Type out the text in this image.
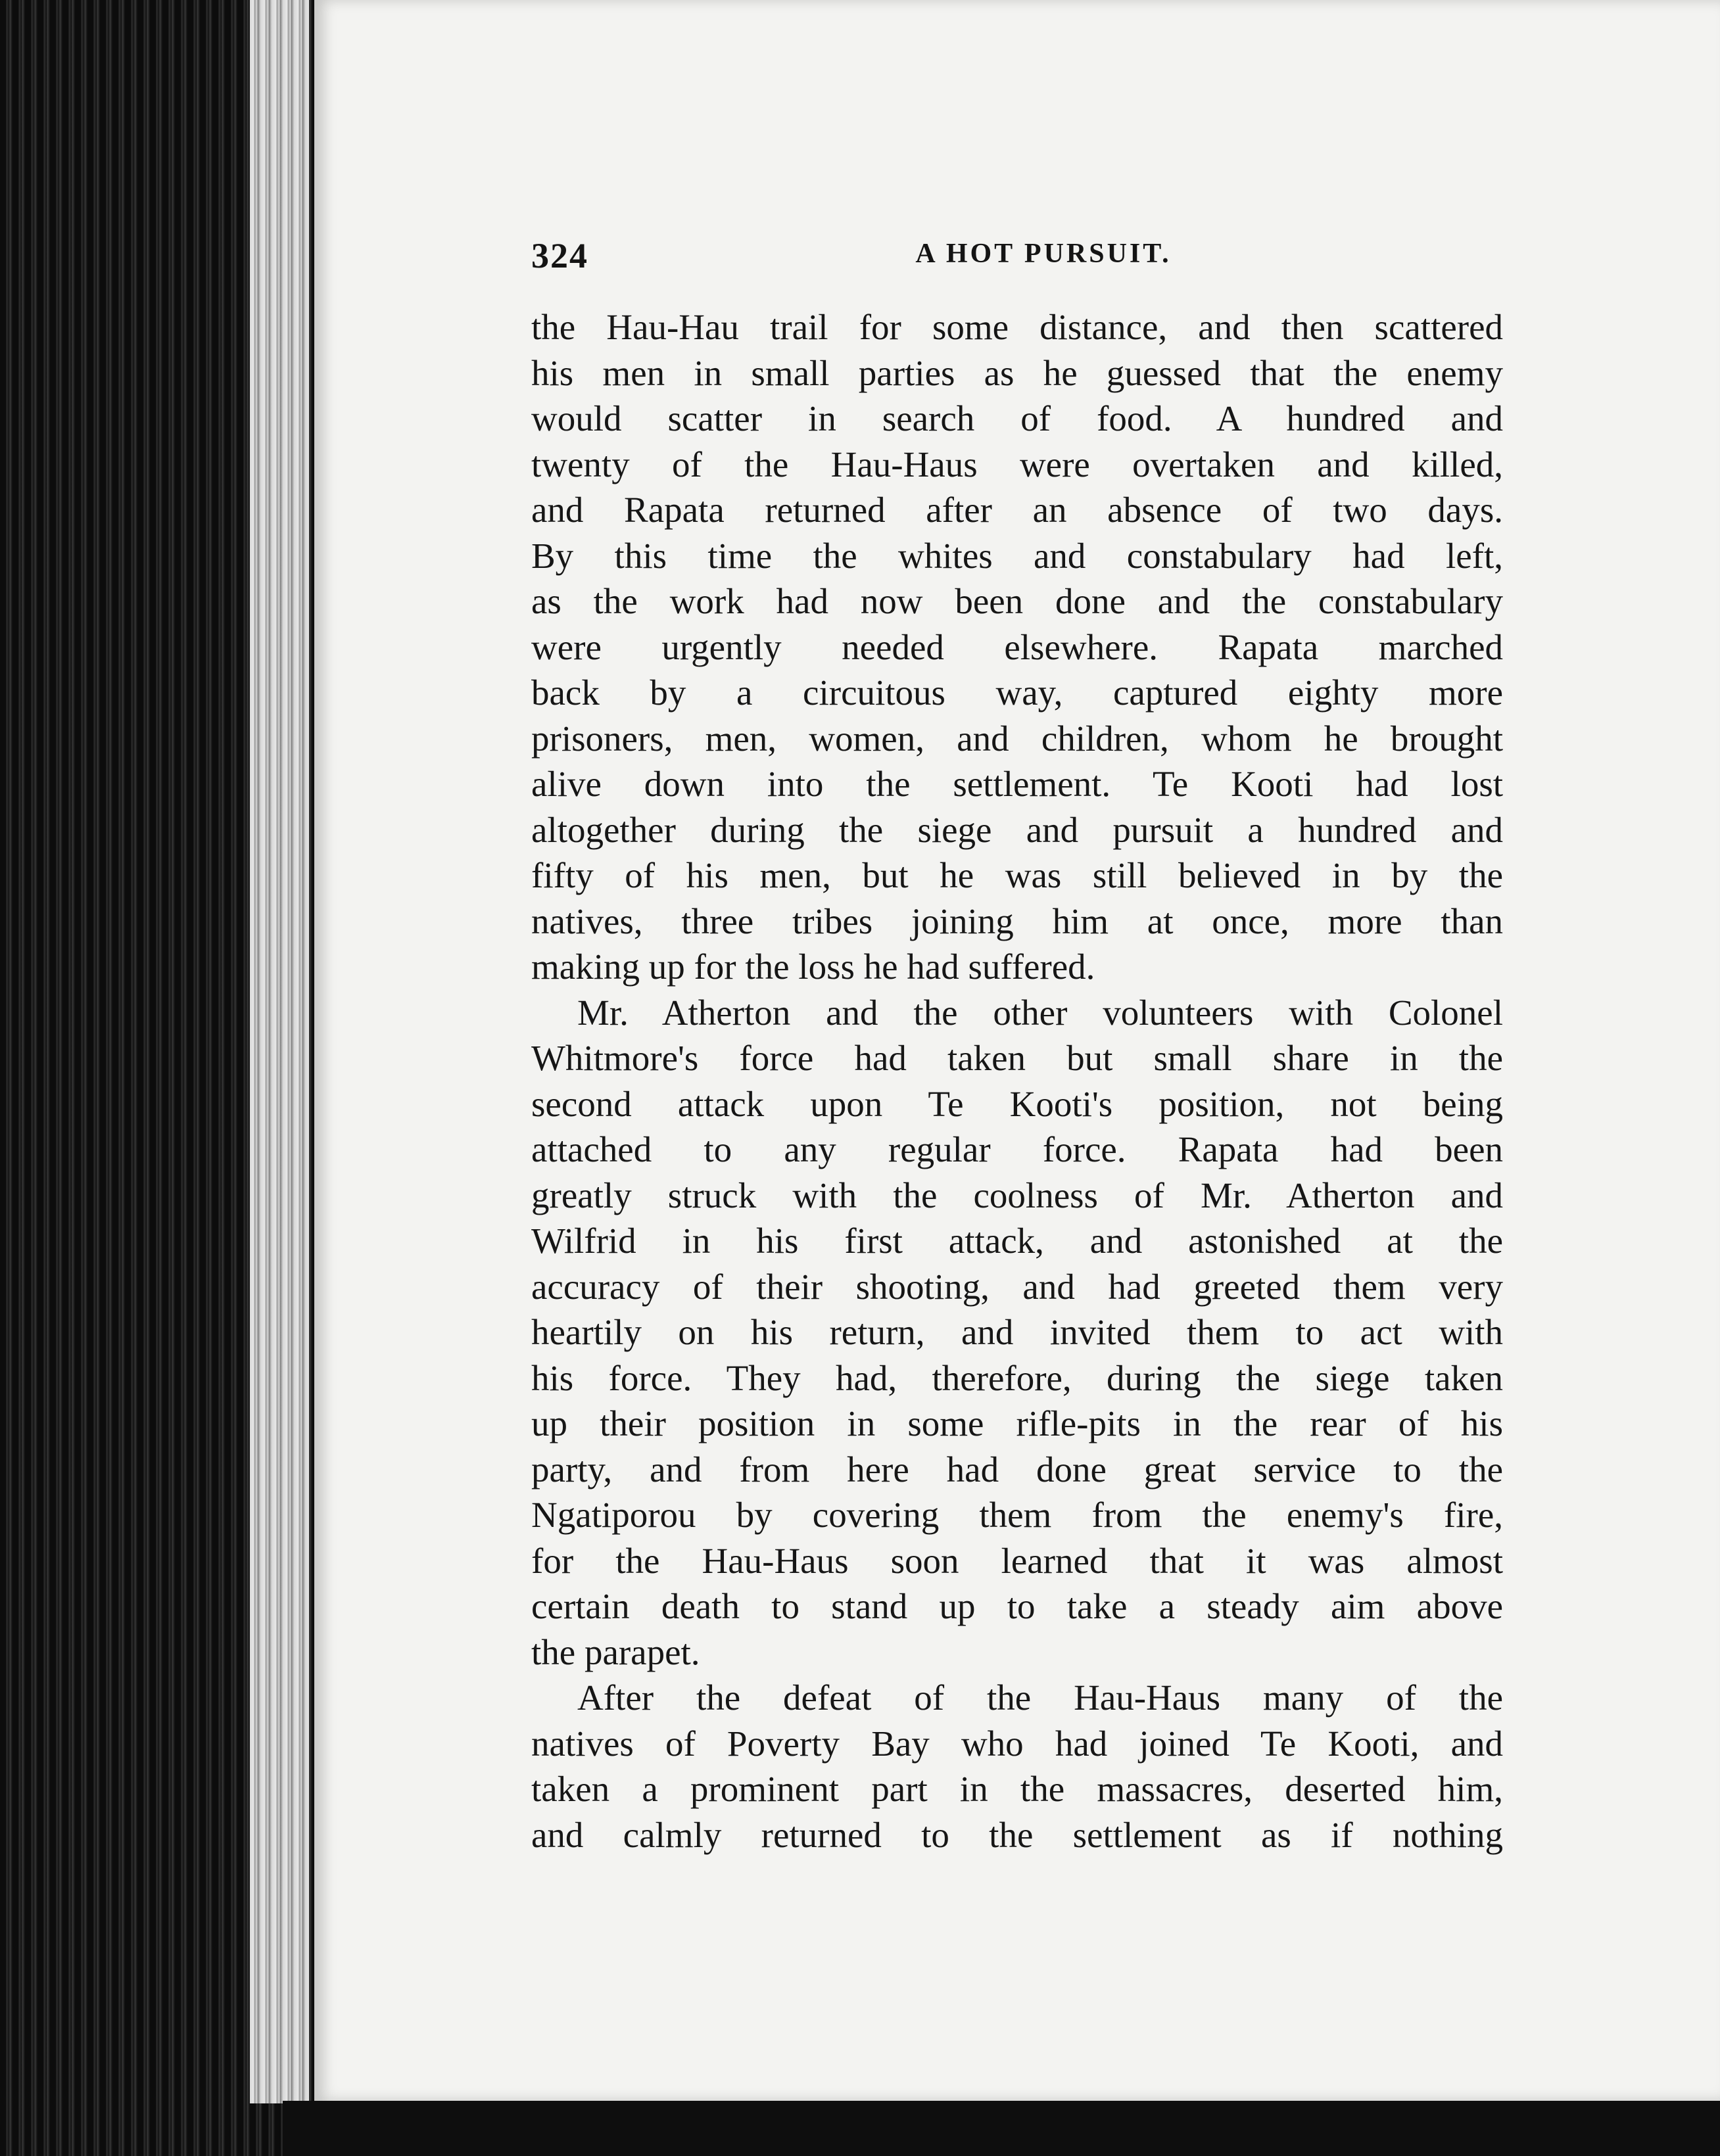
324	A HOT PURSUIT.
the Hau-Hau trail for some distance, and then scattered
his men in small parties as he guessed that the enemy
would scatter in search of food. A hundred and
twenty of the Hau-Haus were overtaken and killed,
and Rapata returned after an absence of two days.
By this time the whites and constabulary had left,
as the work had now been done and the constabulary
were urgently needed elsewhere. Rapata marched
back by a circuitous way, captured eighty more
prisoners, men, women, and children, whom he brought
alive down into the settlement. Te Kooti had lost
altogether during the siege and pursuit a hundred and
fifty of his men, but he was still believed in by the
natives, three tribes joining him at once, more than
making up for the loss he had suffered.
Mr. Atherton and the other volunteers with Colonel
Whitmore's force had taken but small share in the
second attack upon Te Kooti's position, not being
attached to any regular force. Rapata had been
greatly struck with the coolness of Mr. Atherton and
Wilfrid in his first attack, and astonished at the
accuracy of their shooting, and had greeted them very
heartily on his return, and invited them to act with
his force. They had, therefore, during the siege taken
up their position in some rifle-pits in the rear of his
party, and from here had done great service to the
Ngatiporou by covering them from the enemy's fire,
for the Hau-Haus soon learned that it was almost
certain death to stand up to take a steady aim above
the parapet.
After the defeat of the Hau-Haus many of the
natives of Poverty Bay who had joined Te Kooti, and
taken a prominent part in the massacres, deserted him,
and calmly returned to the settlement as if nothing
